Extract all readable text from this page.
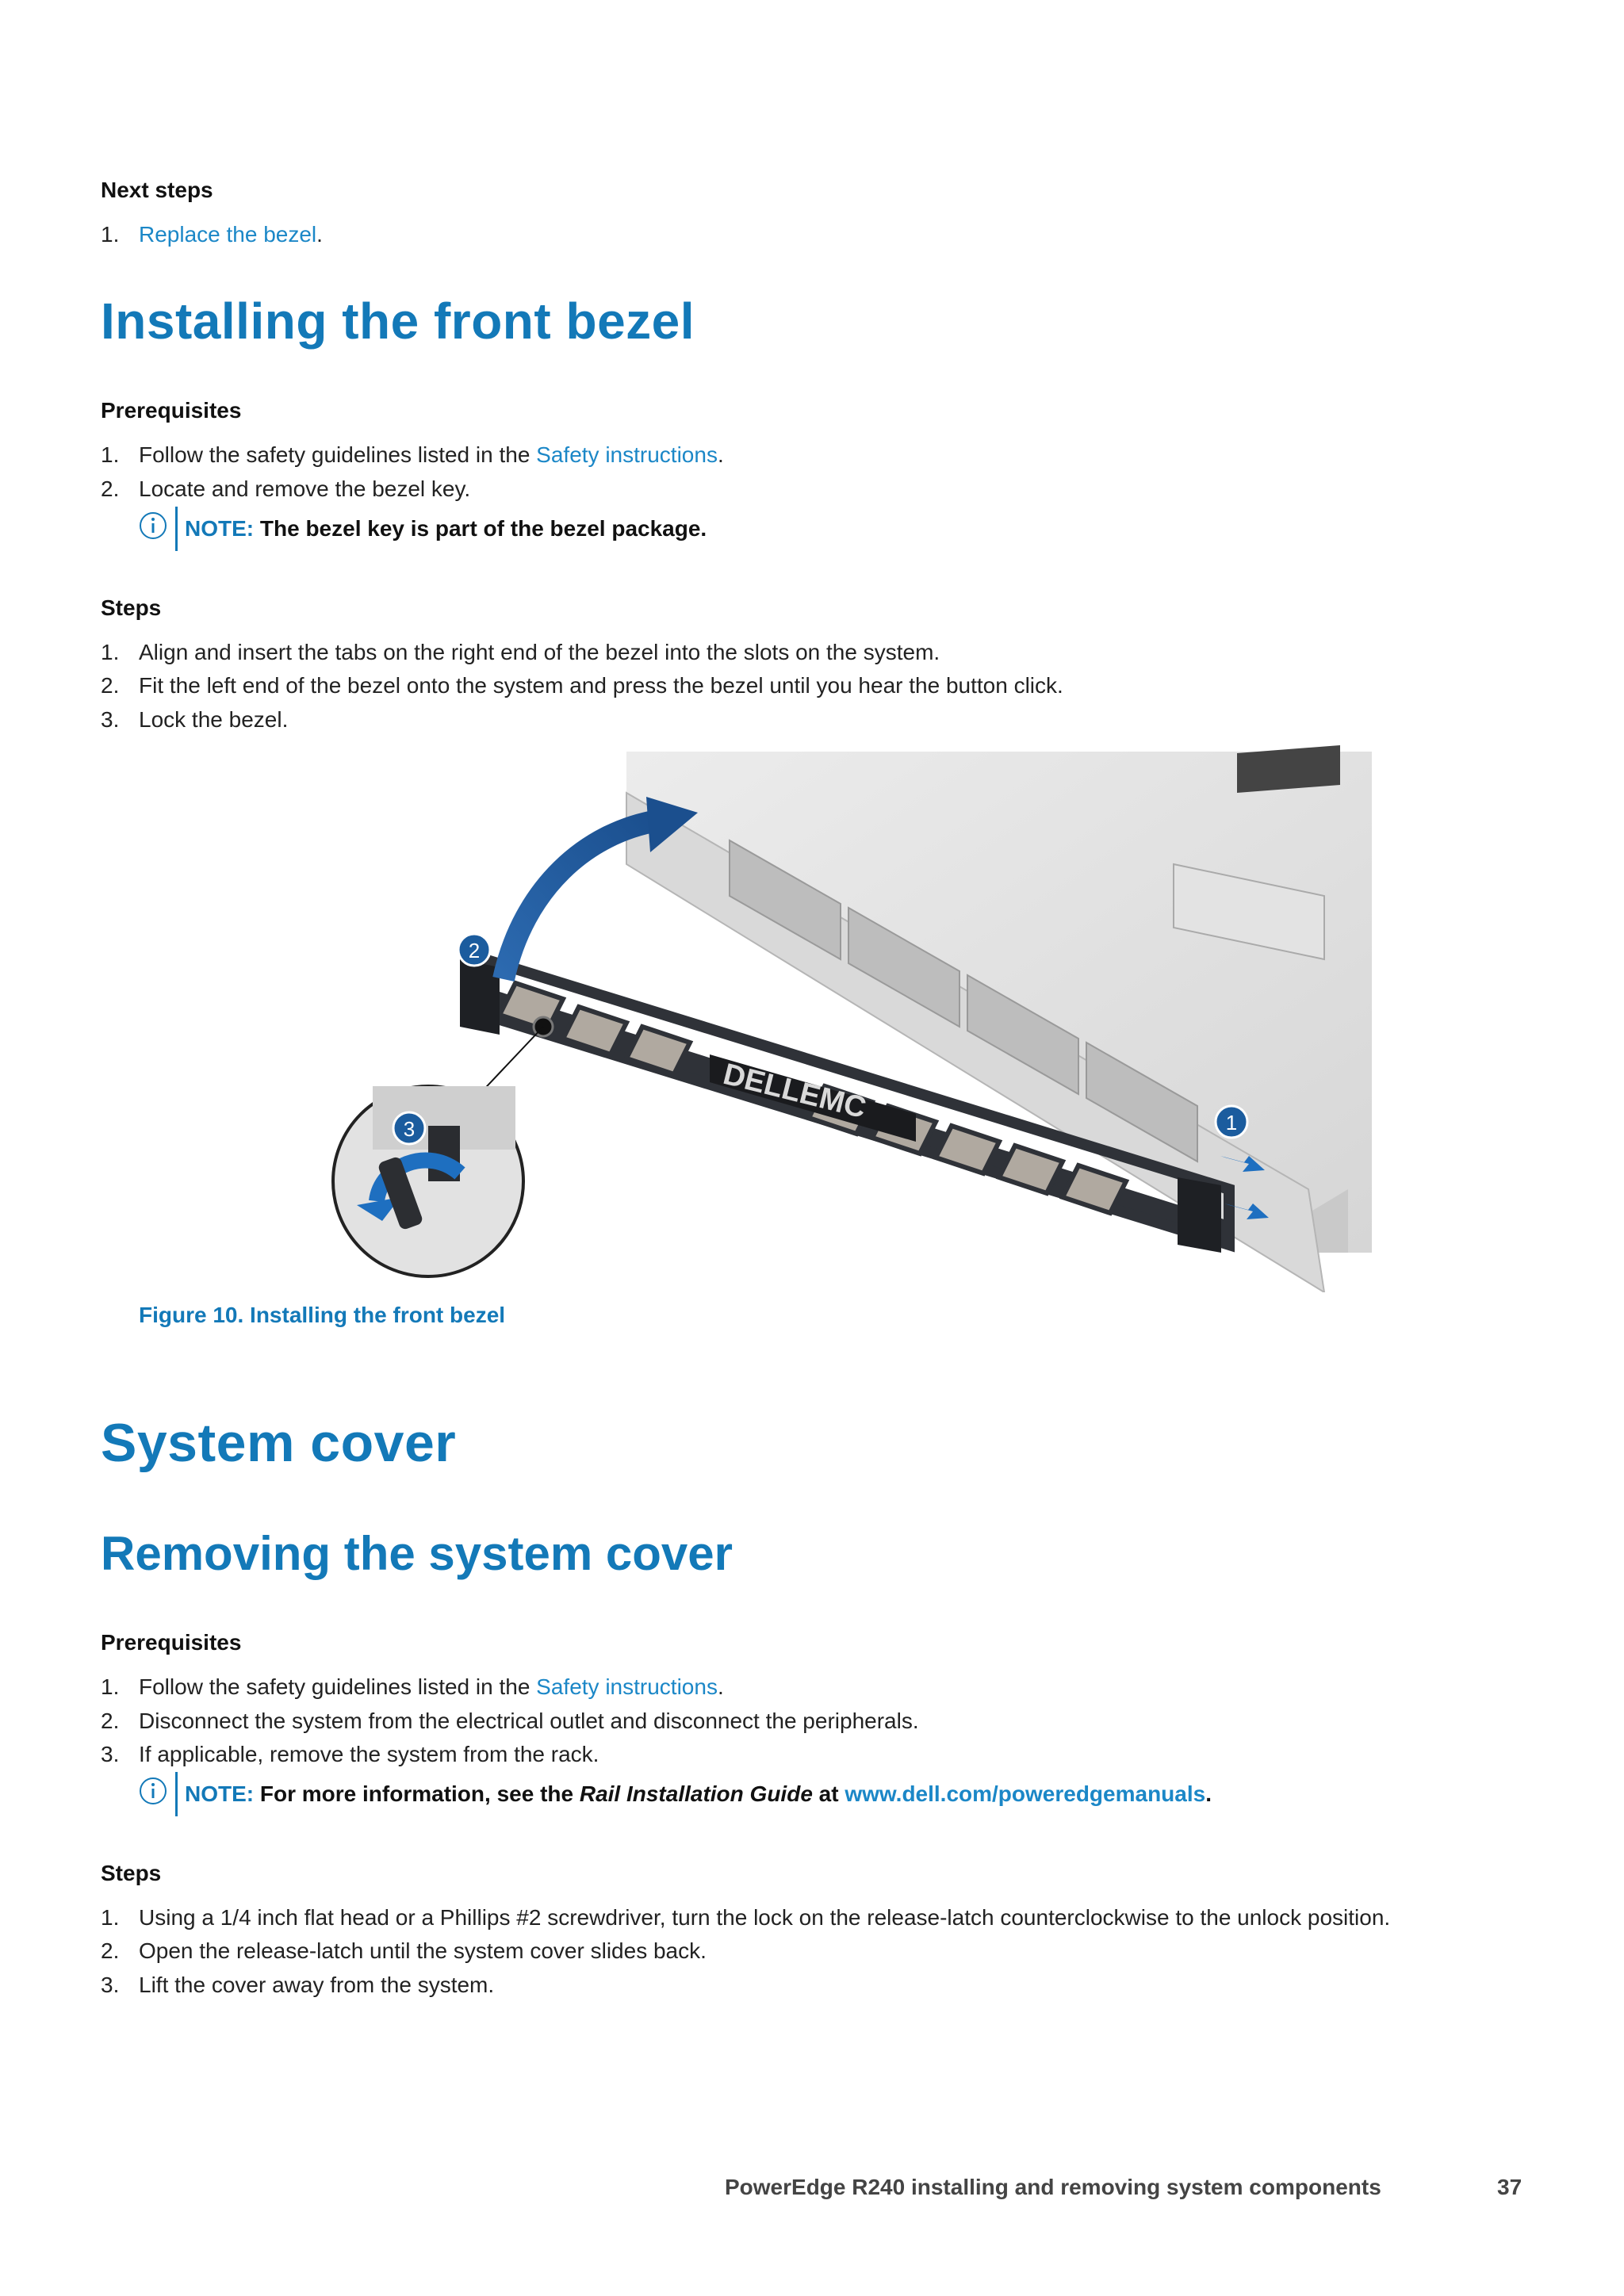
Next steps
1. Replace the bezel.
Installing the front bezel
Prerequisites
1. Follow the safety guidelines listed in the Safety instructions.
2. Locate and remove the bezel key.
NOTE: The bezel key is part of the bezel package.
Steps
1. Align and insert the tabs on the right end of the bezel into the slots on the system.
2. Fit the left end of the bezel onto the system and press the bezel until you hear the button click.
3. Lock the bezel.
DELLEMC
2
1
3
Figure 10. Installing the front bezel
System cover
Removing the system cover
Prerequisites
1. Follow the safety guidelines listed in the Safety instructions.
2. Disconnect the system from the electrical outlet and disconnect the peripherals.
3. If applicable, remove the system from the rack.
NOTE: For more information, see the Rail Installation Guide at www.dell.com/poweredgemanuals.
Steps
1. Using a 1/4 inch flat head or a Phillips #2 screwdriver, turn the lock on the release-latch counterclockwise to the unlock position.
2. Open the release-latch until the system cover slides back.
3. Lift the cover away from the system.
PowerEdge R240 installing and removing system components	37
